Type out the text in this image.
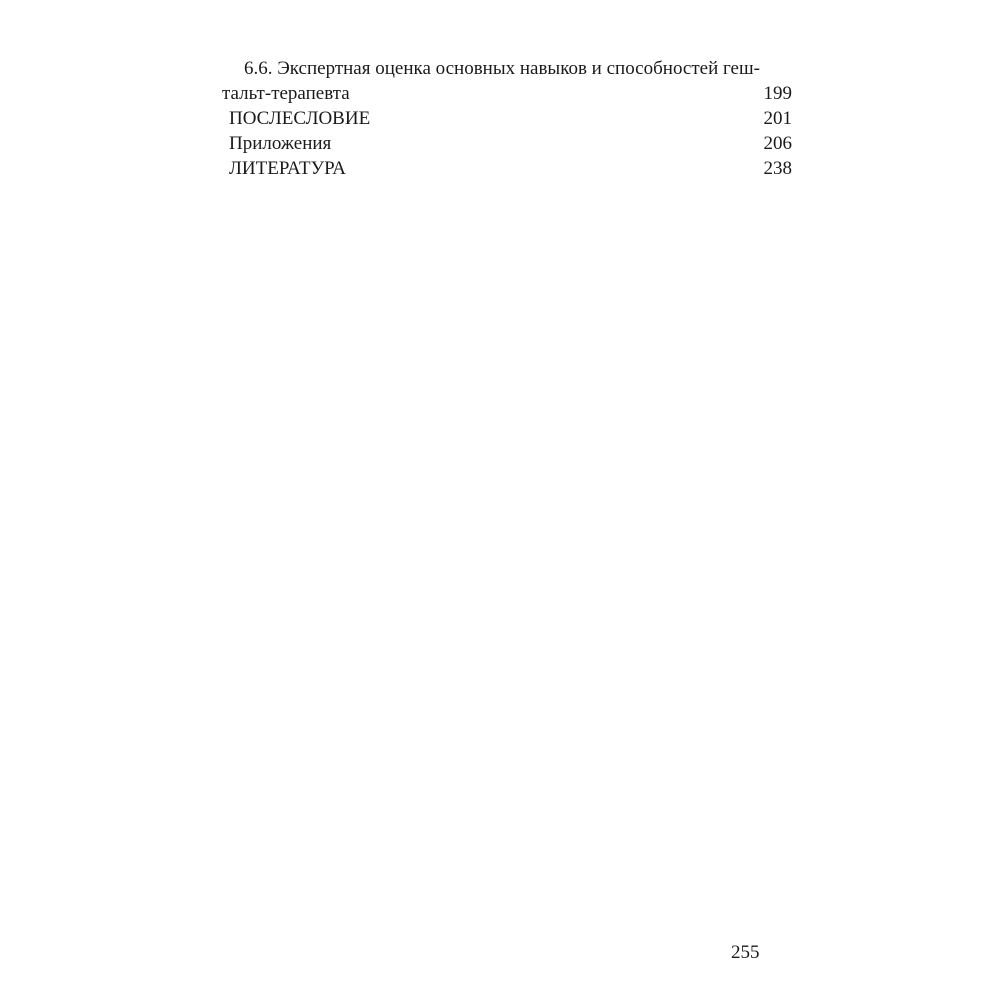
6.6. Экспертная оценка основных навыков и способностей геш-
тальт-терапевта	199
ПОСЛЕСЛОВИЕ	201
Приложения	206
ЛИТЕРАТУРА	238
255
